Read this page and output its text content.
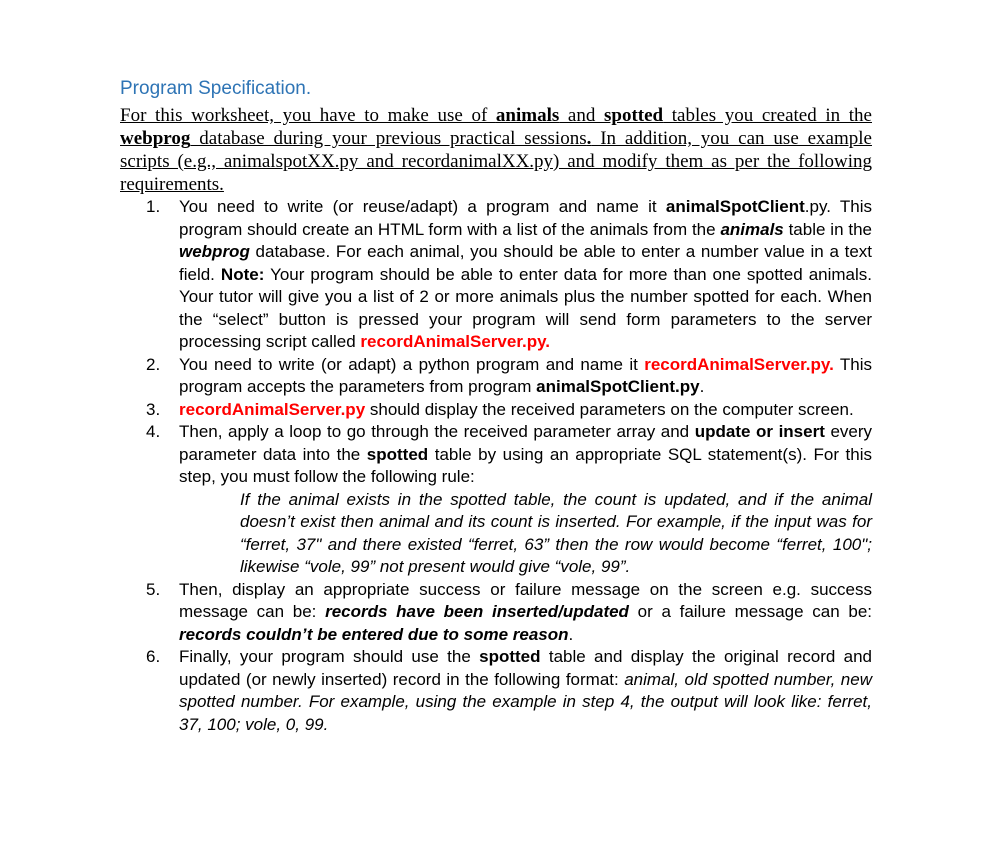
Program Specification.
For this worksheet, you have to make use of animals and spotted tables you created in the webprog database during your previous practical sessions. In addition, you can use example scripts (e.g., animalspotXX.py and recordanimalXX.py) and modify them as per the following requirements.
1. You need to write (or reuse/adapt) a program and name it animalSpotClient.py. This program should create an HTML form with a list of the animals from the animals table in the webprog database. For each animal, you should be able to enter a number value in a text field. Note: Your program should be able to enter data for more than one spotted animals. Your tutor will give you a list of 2 or more animals plus the number spotted for each. When the “select” button is pressed your program will send form parameters to the server processing script called recordAnimalServer.py.
2. You need to write (or adapt) a python program and name it recordAnimalServer.py. This program accepts the parameters from program animalSpotClient.py.
3. recordAnimalServer.py should display the received parameters on the computer screen.
4. Then, apply a loop to go through the received parameter array and update or insert every parameter data into the spotted table by using an appropriate SQL statement(s). For this step, you must follow the following rule:
If the animal exists in the spotted table, the count is updated, and if the animal doesn’t exist then animal and its count is inserted. For example, if the input was for “ferret, 37" and there existed “ferret, 63” then the row would become “ferret, 100"; likewise “vole, 99” not present would give “vole, 99”.
5. Then, display an appropriate success or failure message on the screen e.g. success message can be: records have been inserted/updated or a failure message can be: records couldn’t be entered due to some reason.
6. Finally, your program should use the spotted table and display the original record and updated (or newly inserted) record in the following format: animal, old spotted number, new spotted number. For example, using the example in step 4, the output will look like: ferret, 37, 100; vole, 0, 99.
